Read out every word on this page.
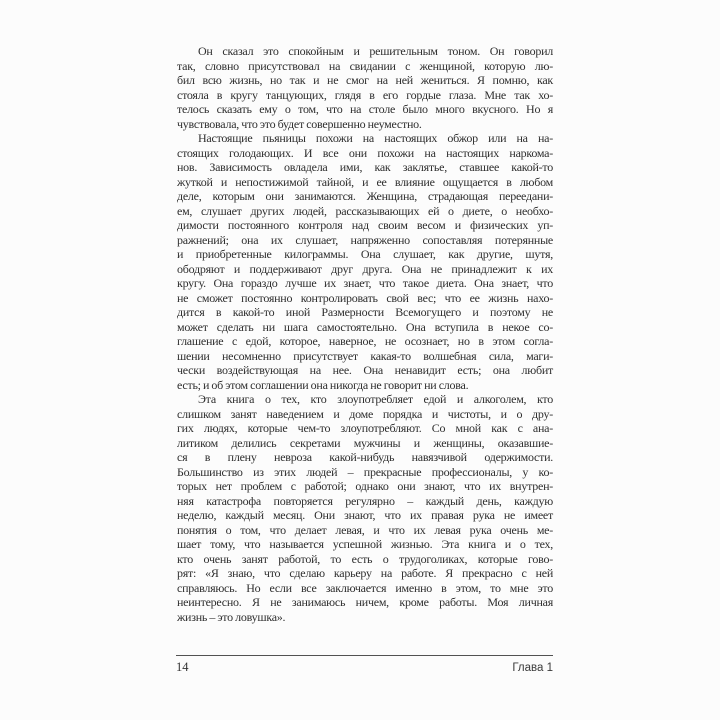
Он сказал это спокойным и решительным тоном. Он говорил
так, словно присутствовал на свидании с женщиной, которую лю-
бил всю жизнь, но так и не смог на ней жениться. Я помню, как
стояла в кругу танцующих, глядя в его гордые глаза. Мне так хо-
телось сказать ему о том, что на столе было много вкусного. Но я
чувствовала, что это будет совершенно неуместно.
Настоящие пьяницы похожи на настоящих обжор или на на-
стоящих голодающих. И все они похожи на настоящих наркома-
нов. Зависимость овладела ими, как заклятье, ставшее какой-то
жуткой и непостижимой тайной, и ее влияние ощущается в любом
деле, которым они занимаются. Женщина, страдающая переедани-
ем, слушает других людей, рассказывающих ей о диете, о необхо-
димости постоянного контроля над своим весом и физических уп-
ражнений; она их слушает, напряженно сопоставляя потерянные
и приобретенные килограммы. Она слушает, как другие, шутя,
ободряют и поддерживают друг друга. Она не принадлежит к их
кругу. Она гораздо лучше их знает, что такое диета. Она знает, что
не сможет постоянно контролировать свой вес; что ее жизнь нахо-
дится в какой-то иной Размерности Всемогущего и поэтому не
может сделать ни шага самостоятельно. Она вступила в некое со-
глашение с едой, которое, наверное, не осознает, но в этом согла-
шении несомненно присутствует какая-то волшебная сила, маги-
чески воздействующая на нее. Она ненавидит есть; она любит
есть; и об этом соглашении она никогда не говорит ни слова.
Эта книга о тех, кто злоупотребляет едой и алкоголем, кто
слишком занят наведением и доме порядка и чистоты, и о дру-
гих людях, которые чем-то злоупотребляют. Со мной как с ана-
литиком делились секретами мужчины и женщины, оказавшие-
ся в плену невроза какой-нибудь навязчивой одержимости.
Большинство из этих людей – прекрасные профессионалы, у ко-
торых нет проблем с работой; однако они знают, что их внутрен-
няя катастрофа повторяется регулярно – каждый день, каждую
неделю, каждый месяц. Они знают, что их правая рука не имеет
понятия о том, что делает левая, и что их левая рука очень ме-
шает тому, что называется успешной жизнью. Эта книга и о тех,
кто очень занят работой, то есть о трудоголиках, которые гово-
рят: «Я знаю, что сделаю карьеру на работе. Я прекрасно с ней
справляюсь. Но если все заключается именно в этом, то мне это
неинтересно. Я не занимаюсь ничем, кроме работы. Моя личная
жизнь – это ловушка».
14	Глава 1
